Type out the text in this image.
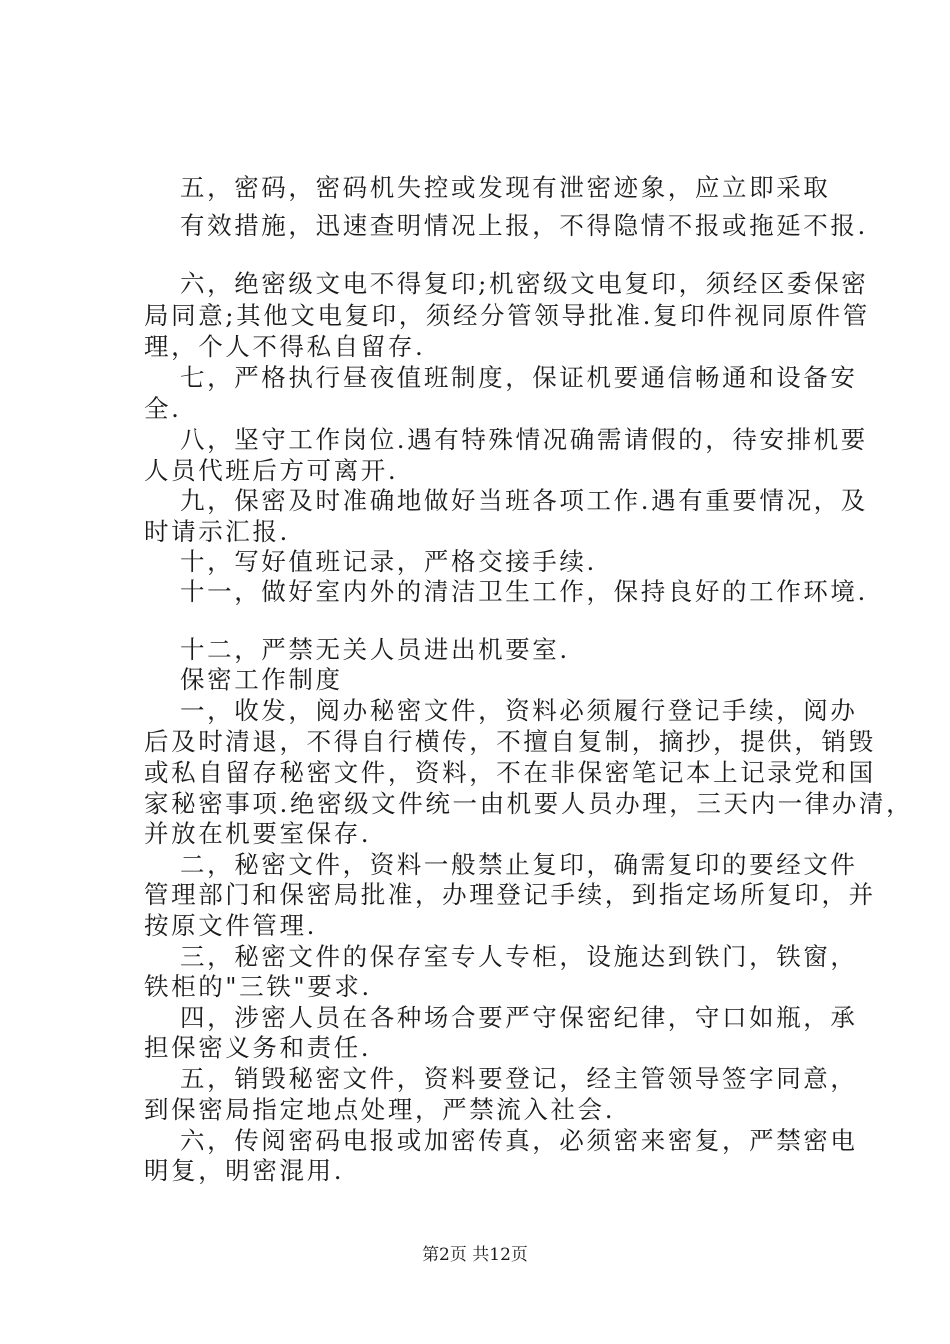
五，密码，密码机失控或发现有泄密迹象，应立即采取
有效措施，迅速查明情况上报，不得隐情不报或拖延不报.
六，绝密级文电不得复印;机密级文电复印，须经区委保密
局同意;其他文电复印，须经分管领导批准.复印件视同原件管
理，个人不得私自留存.
七，严格执行昼夜值班制度，保证机要通信畅通和设备安
全.
八，坚守工作岗位.遇有特殊情况确需请假的，待安排机要
人员代班后方可离开.
九，保密及时准确地做好当班各项工作.遇有重要情况，及
时请示汇报.
十，写好值班记录，严格交接手续.
十一，做好室内外的清洁卫生工作，保持良好的工作环境.
十二，严禁无关人员进出机要室.
保密工作制度
一，收发，阅办秘密文件，资料必须履行登记手续，阅办
后及时清退，不得自行横传，不擅自复制，摘抄，提供，销毁
或私自留存秘密文件，资料，不在非保密笔记本上记录党和国
家秘密事项.绝密级文件统一由机要人员办理，三天内一律办清，
并放在机要室保存.
二，秘密文件，资料一般禁止复印，确需复印的要经文件
管理部门和保密局批准，办理登记手续，到指定场所复印，并
按原文件管理.
三，秘密文件的保存室专人专柜，设施达到铁门，铁窗，
铁柜的"三铁"要求.
四，涉密人员在各种场合要严守保密纪律，守口如瓶，承
担保密义务和责任.
五，销毁秘密文件，资料要登记，经主管领导签字同意，
到保密局指定地点处理，严禁流入社会.
六，传阅密码电报或加密传真，必须密来密复，严禁密电
明复，明密混用.
第2页 共12页
